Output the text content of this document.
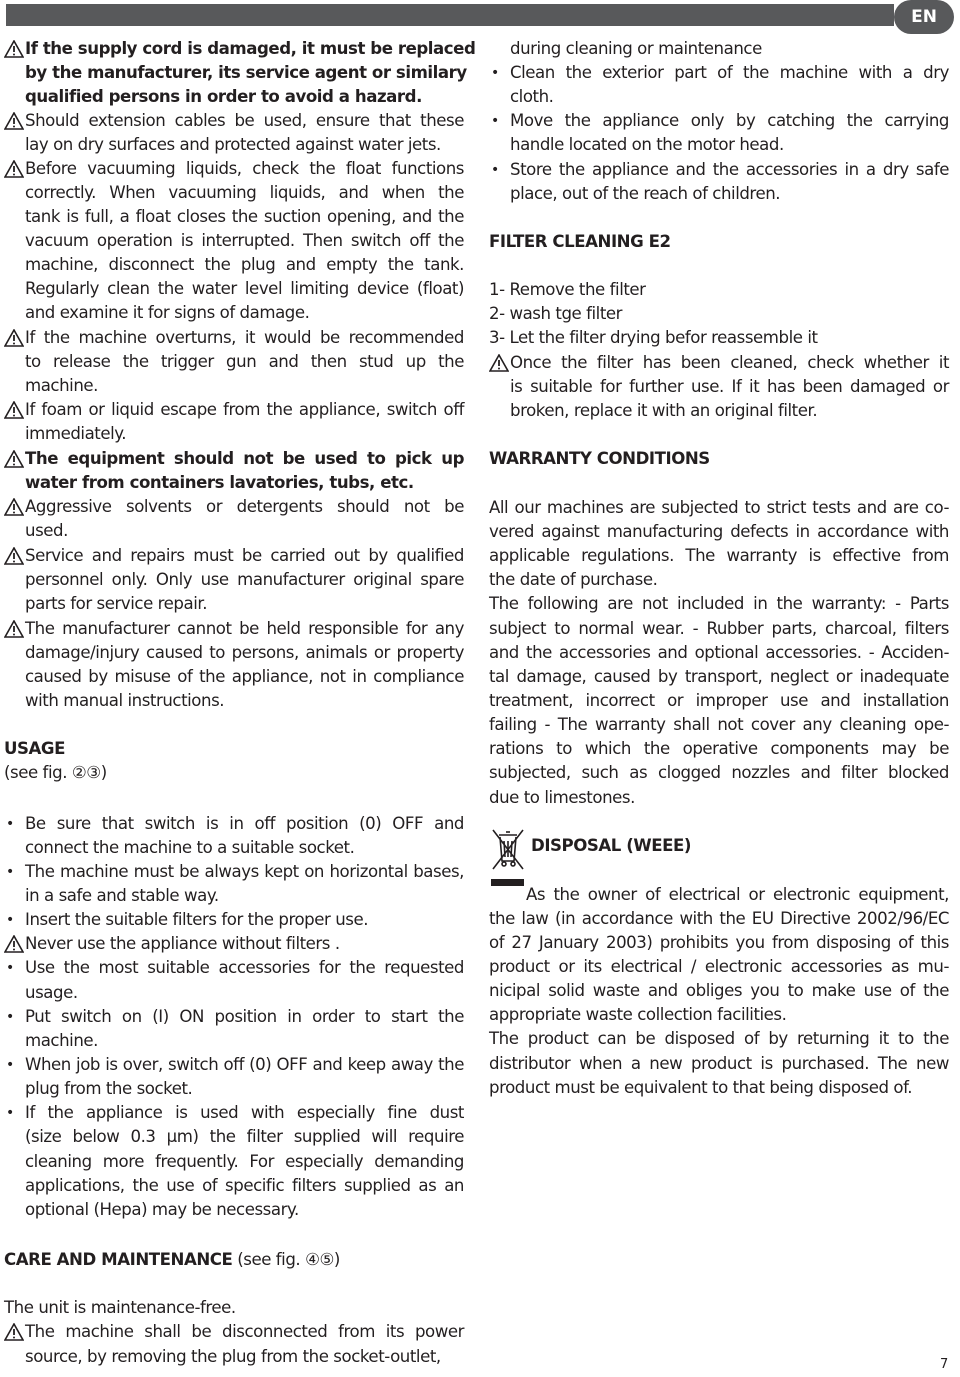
EN
If the supply cord is damaged, it must be replaced
by the manufacturer, its service agent or similary
qualified persons in order to avoid a hazard.
Should extension cables be used, ensure that these
lay on dry surfaces and protected against water jets.
Before vacuuming liquids, check the float functions
correctly. When vacuuming liquids, and when the
tank is full, a float closes the suction opening, and the
vacuum operation is interrupted. Then switch off the
machine, disconnect the plug and empty the tank.
Regularly clean the water level limiting device (float)
and examine it for signs of damage.
If the machine overturns, it would be recommended
to release the trigger gun and then stud up the
machine.
If foam or liquid escape from the appliance, switch off
immediately.
The equipment should not be used to pick up
water from containers lavatories, tubs, etc.
Aggressive solvents or detergents should not be
used.
Service and repairs must be carried out by qualified
personnel only. Only use manufacturer original spare
parts for service repair.
The manufacturer cannot be held responsible for any
damage/injury caused to persons, animals or property
caused by misuse of the appliance, not in compliance
with manual instructions.
USAGE
(see fig. ②③)
• Be sure that switch is in off position (0) OFF and
connect the machine to a suitable socket.
• The machine must be always kept on horizontal bases,
in a safe and stable way.
• Insert the suitable filters for the proper use.
Never use the appliance without filters .
• Use the most suitable accessories for the requested
usage.
• Put switch on (I) ON position in order to start the
machine.
• When job is over, switch off (0) OFF and keep away the
plug from the socket.
• If the appliance is used with especially fine dust
(size below 0.3 µm) the filter supplied will require
cleaning more frequently. For especially demanding
applications, the use of specific filters supplied as an
optional (Hepa) may be necessary.
CARE AND MAINTENANCE (see fig. ④⑤)
The unit is maintenance-free.
The machine shall be disconnected from its power
source, by removing the plug from the socket-outlet,
during cleaning or maintenance
• Clean the exterior part of the machine with a dry
cloth.
• Move the appliance only by catching the carrying
handle located on the motor head.
• Store the appliance and the accessories in a dry safe
place, out of the reach of children.
FILTER CLEANING E2
1- Remove the filter
2- wash tge filter
3- Let the filter drying befor reassemble it
Once the filter has been cleaned, check whether it
is suitable for further use. If it has been damaged or
broken, replace it with an original filter.
WARRANTY CONDITIONS
All our machines are subjected to strict tests and are co-
vered against manufacturing defects in accordance with
applicable regulations. The warranty is effective from
the date of purchase.
The following are not included in the warranty: - Parts
subject to normal wear. - Rubber parts, charcoal, filters
and the accessories and optional accessories. - Acciden-
tal damage, caused by transport, neglect or inadequate
treatment, incorrect or improper use and installation
failing - The warranty shall not cover any cleaning ope-
rations to which the operative components may be
subjected, such as clogged nozzles and filter blocked
due to limestones.
DISPOSAL (WEEE)
As the owner of electrical or electronic equipment,
the law (in accordance with the EU Directive 2002/96/EC
of 27 January 2003) prohibits you from disposing of this
product or its electrical / electronic accessories as mu-
nicipal solid waste and obliges you to make use of the
appropriate waste collection facilities.
The product can be disposed of by returning it to the
distributor when a new product is purchased. The new
product must be equivalent to that being disposed of.
7
